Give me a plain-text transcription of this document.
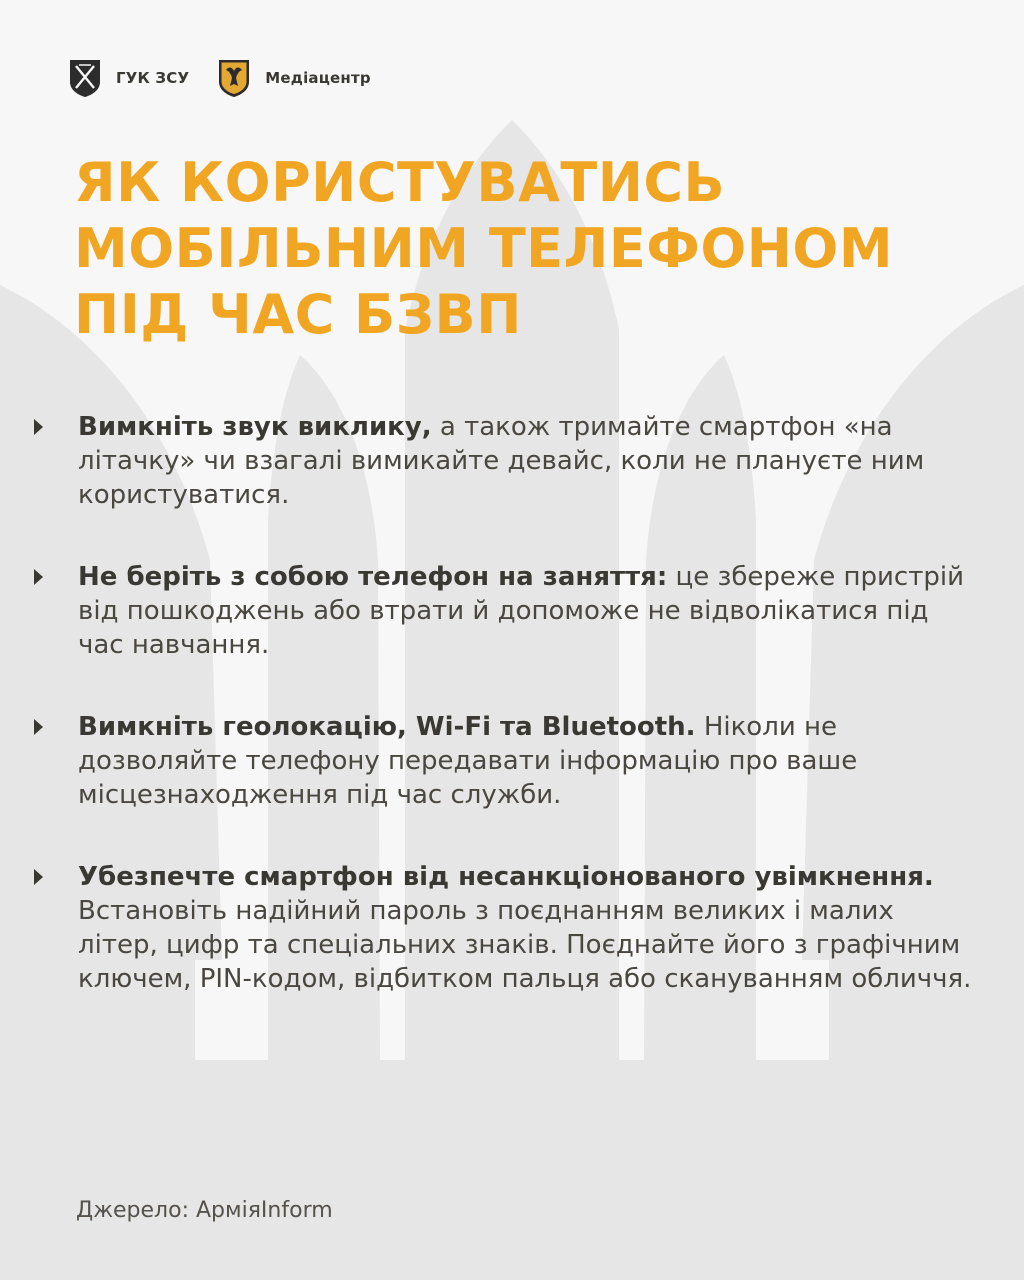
ГУК ЗСУ	Медіацентр
ЯК КОРИСТУВАТИСЬ
МОБІЛЬНИМ ТЕЛЕФОНОМ
ПІД ЧАС БЗВП
Вимкніть звук виклику, а також тримайте смартфон «на літачку» чи взагалі вимикайте девайс, коли не плануєте ним користуватися.
Не беріть з собою телефон на заняття: це збереже пристрій від пошкоджень або втрати й допоможе не відволікатися під час навчання.
Вимкніть геолокацію, Wi-Fi та Bluetooth. Ніколи не дозволяйте телефону передавати інформацію про ваше місцезнаходження під час служби.
Убезпечте смартфон від несанкціонованого увімкнення. Встановіть надійний пароль з поєднанням великих і малих літер, цифр та спеціальних знаків. Поєднайте його з графічним ключем, PIN-кодом, відбитком пальця або скануванням обличчя.
Джерело: АрміяInform
